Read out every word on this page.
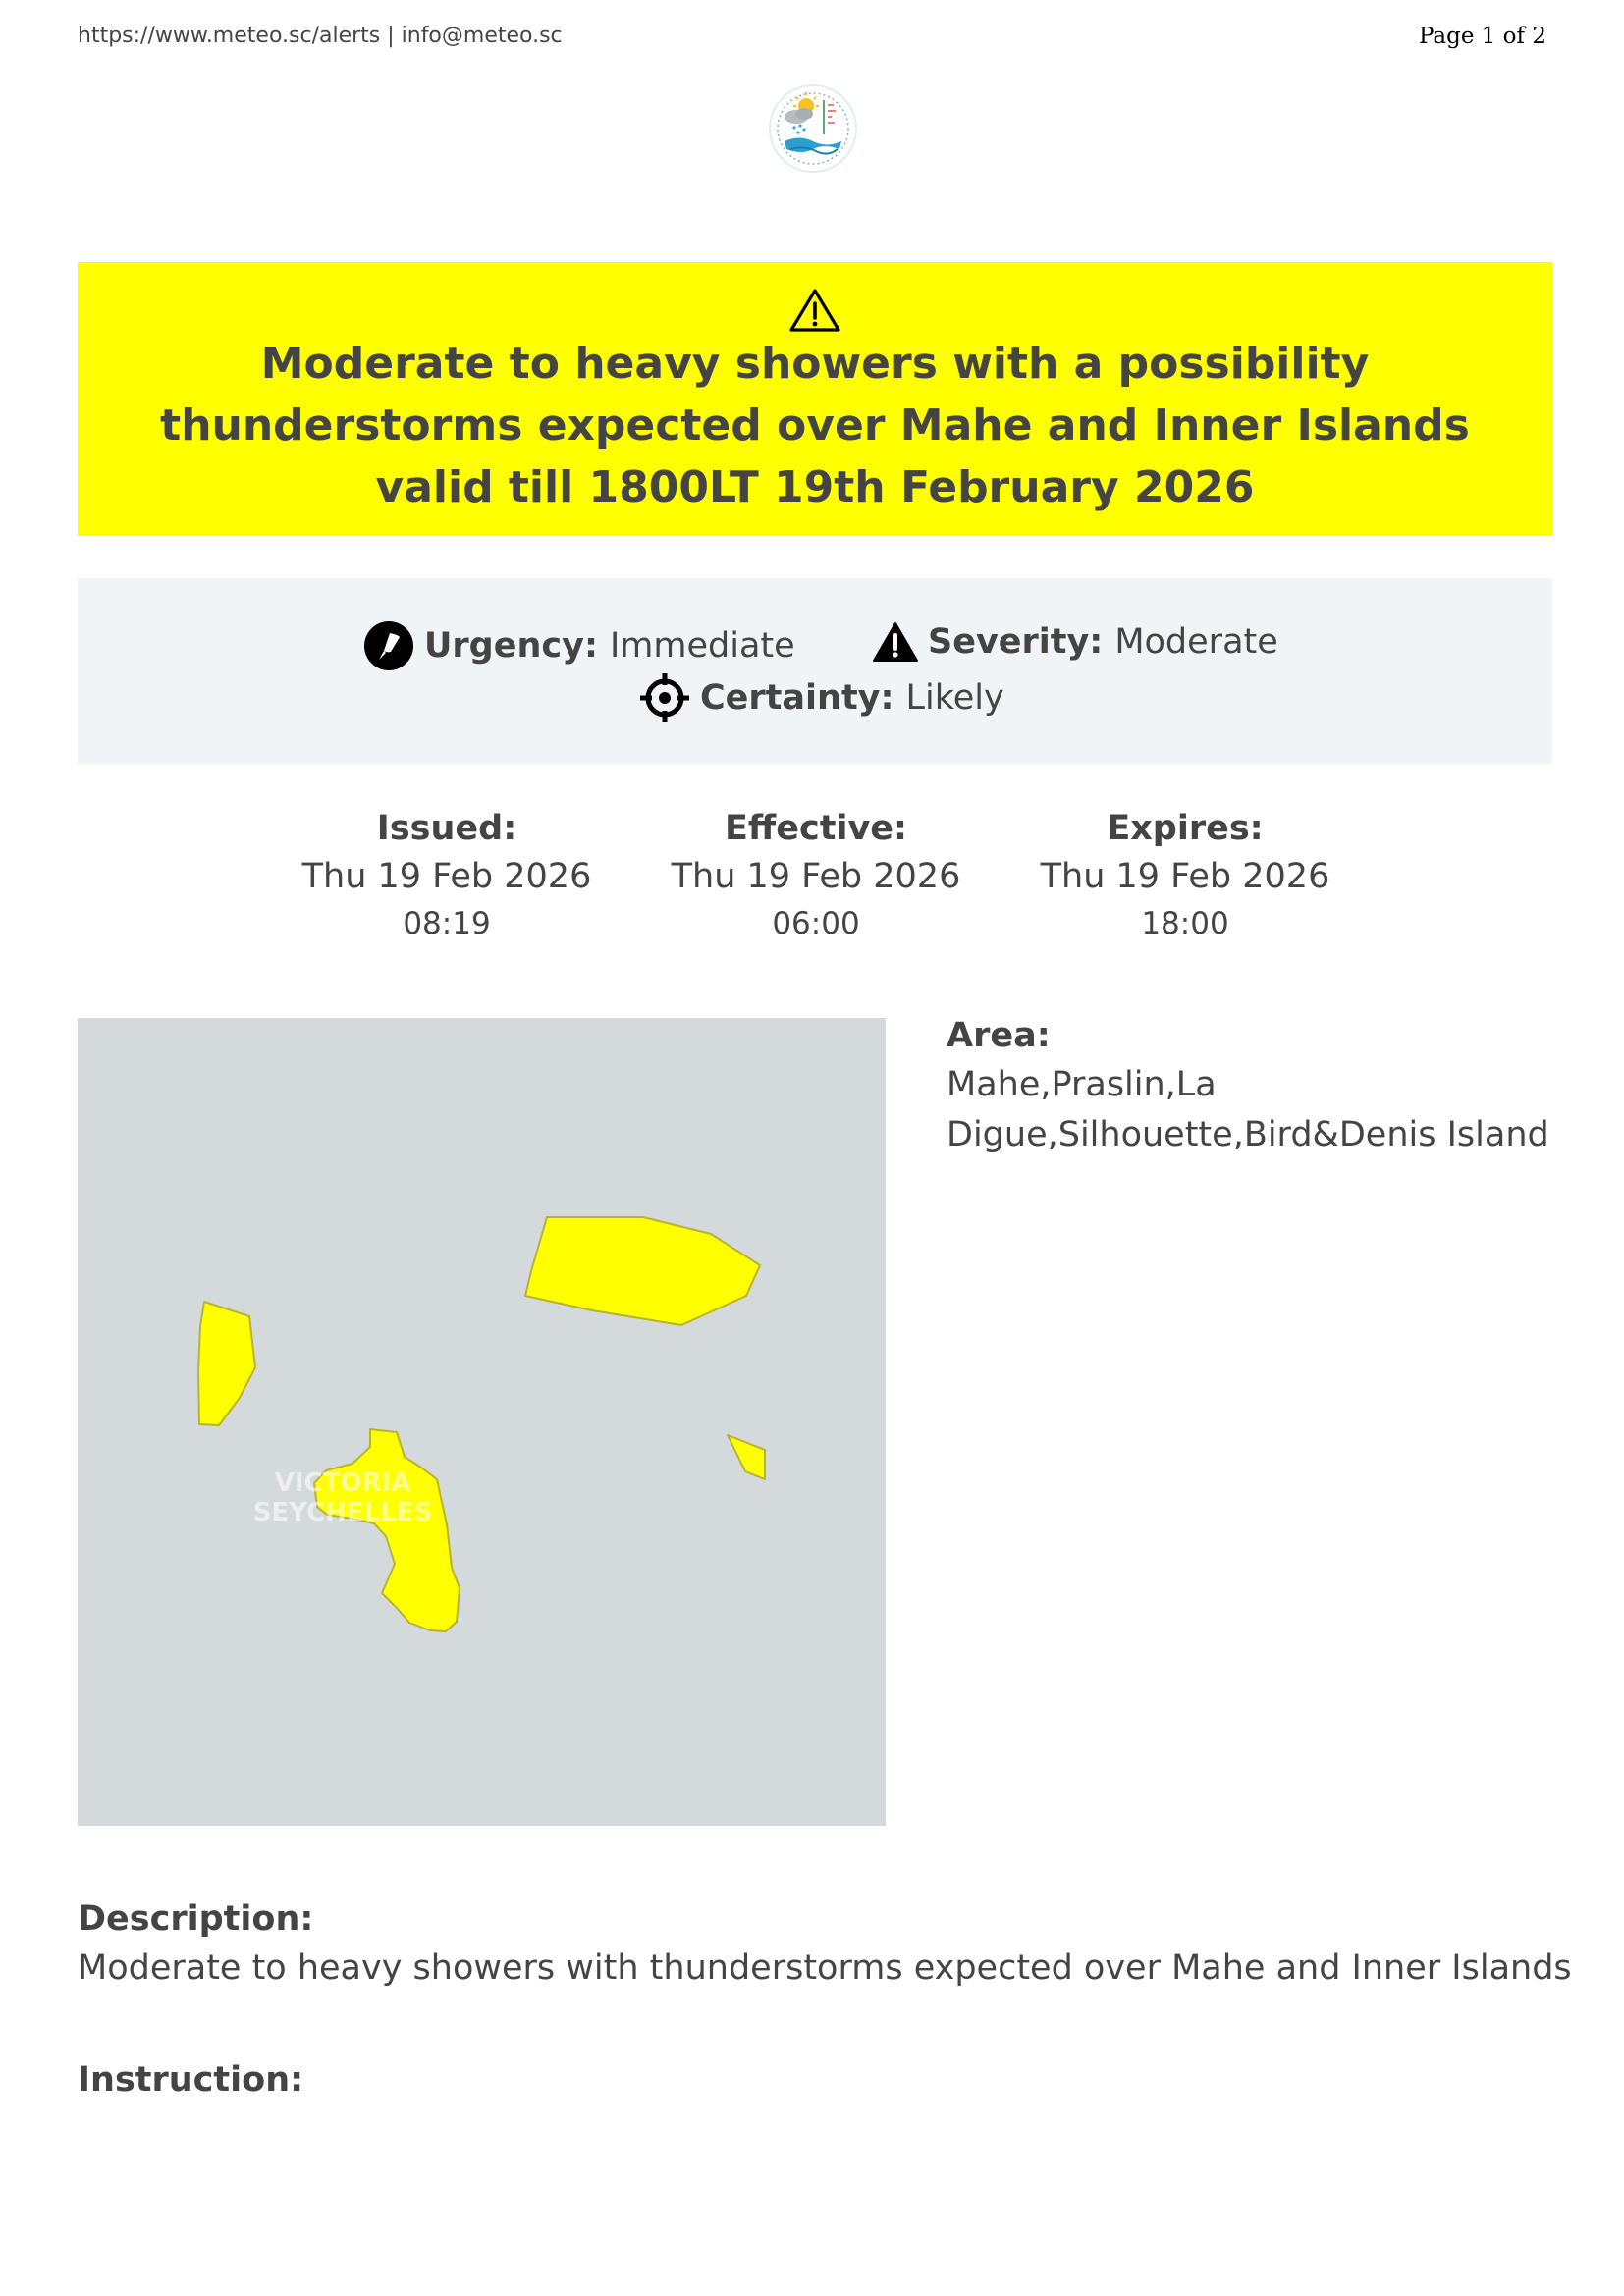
https://www.meteo.sc/alerts | info@meteo.sc	Page 1 of 2
Moderate to heavy showers with a possibility thunderstorms expected over Mahe and Inner Islands valid till 1800LT 19th February 2026
Urgency: Immediate	Severity: Moderate
Certainty: Likely
Issued:
Thu 19 Feb 2026
08:19
Effective:
Thu 19 Feb 2026
06:00
Expires:
Thu 19 Feb 2026
18:00
VICTORIA
SEYCHELLES
Area:
Mahe,Praslin,La Digue,Silhouette,Bird&Denis Island
Description:
Moderate to heavy showers with thunderstorms expected over Mahe and Inner Islands
Instruction:
